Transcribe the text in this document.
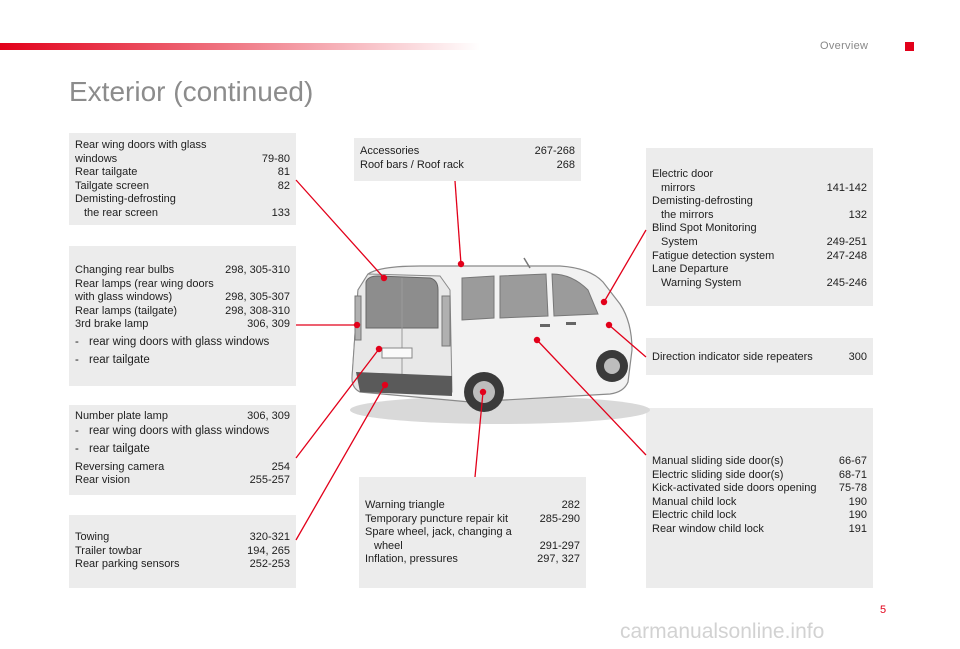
Overview
Exterior (continued)
Rear wing doors with glass
windows	79-80
Rear tailgate	81
Tailgate screen	82
Demisting-defrosting
the rear screen	133
Changing rear bulbs	298, 305-310
Rear lamps (rear wing doors
with glass windows)	298, 305-307
Rear lamps (tailgate)	298, 308-310
3rd brake lamp	306, 309
- rear wing doors with glass windows
- rear tailgate
Number plate lamp	306, 309
- rear wing doors with glass windows
- rear tailgate
Reversing camera	254
Rear vision	255-257
Towing	320-321
Trailer towbar	194, 265
Rear parking sensors	252-253
Accessories	267-268
Roof bars / Roof rack	268
Warning triangle	282
Temporary puncture repair kit	285-290
Spare wheel, jack, changing a
wheel	291-297
Inflation, pressures	297, 327
Electric door
mirrors	141-142
Demisting-defrosting
the mirrors	132
Blind Spot Monitoring
System	249-251
Fatigue detection system	247-248
Lane Departure
Warning System	245-246
Direction indicator side repeaters	300
Manual sliding side door(s)	66-67
Electric sliding side door(s)	68-71
Kick-activated side doors opening	75-78
Manual child lock	190
Electric child lock	190
Rear window child lock	191
5
carmanualsonline.info
